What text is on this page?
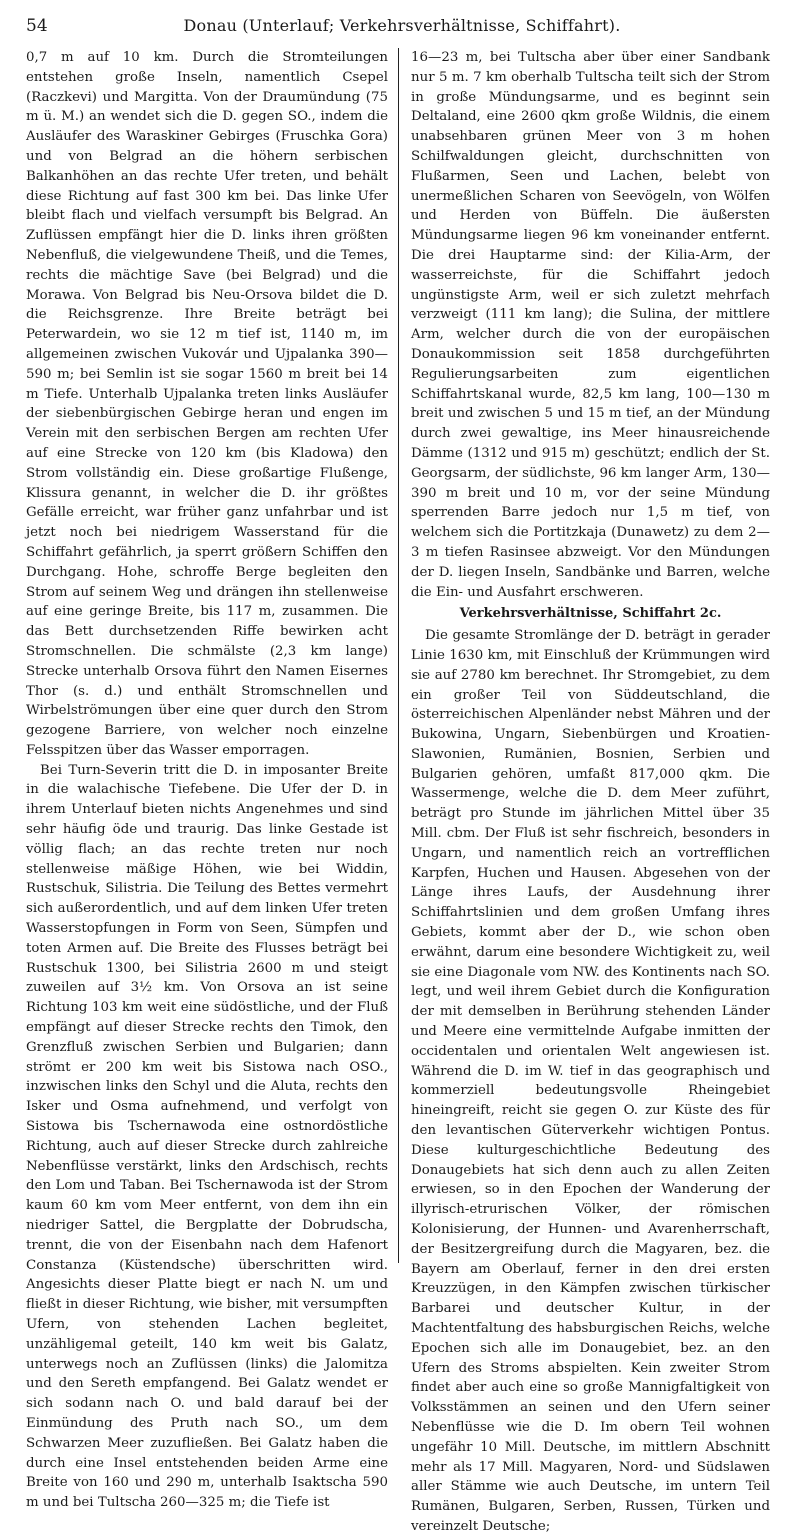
54	Donau (Unterlauf; Verkehrsverhältnisse, Schiffahrt).

0,7 m auf 10 km. Durch die Stromteilungen entstehen große Inseln, namentlich Csepel (Raczkevi) und Margitta. Von der Draumündung (75 m ü. M.) an wendet sich die D. gegen SO., indem die Ausläufer des Waraskiner Gebirges (Fruschka Gora) und von Belgrad an die höhern serbischen Balkanhöhen an das rechte Ufer treten, und behält diese Richtung auf fast 300 km bei. Das linke Ufer bleibt flach und vielfach versumpft bis Belgrad. An Zuflüssen empfängt hier die D. links ihren größten Nebenfluß, die vielgewundene Theiß, und die Temes, rechts die mächtige Save (bei Belgrad) und die Morawa. Von Belgrad bis Neu-Orsova bildet die D. die Reichsgrenze. Ihre Breite beträgt bei Peterwardein, wo sie 12 m tief ist, 1140 m, im allgemeinen zwischen Vukovár und Ujpalanka 390—590 m; bei Semlin ist sie sogar 1560 m breit bei 14 m Tiefe. Unterhalb Ujpalanka treten links Ausläufer der siebenbürgischen Gebirge heran und engen im Verein mit den serbischen Bergen am rechten Ufer auf eine Strecke von 120 km (bis Kladowa) den Strom vollständig ein. Diese großartige Flußenge, Klissura genannt, in welcher die D. ihr größtes Gefälle erreicht, war früher ganz unfahrbar und ist jetzt noch bei niedrigem Wasserstand für die Schiffahrt gefährlich, ja sperrt größern Schiffen den Durchgang. Hohe, schroffe Berge begleiten den Strom auf seinem Weg und drängen ihn stellenweise auf eine geringe Breite, bis 117 m, zusammen. Die das Bett durchsetzenden Riffe bewirken acht Stromschnellen. Die schmälste (2,3 km lange) Strecke unterhalb Orsova führt den Namen Eisernes Thor (s. d.) und enthält Stromschnellen und Wirbelströmungen über eine quer durch den Strom gezogene Barriere, von welcher noch einzelne Felsspitzen über das Wasser emporragen.

Bei Turn-Severin tritt die D. in imposanter Breite in die walachische Tiefebene. Die Ufer der D. in ihrem Unterlauf bieten nichts Angenehmes und sind sehr häufig öde und traurig. Das linke Gestade ist völlig flach; an das rechte treten nur noch stellenweise mäßige Höhen, wie bei Widdin, Rustschuk, Silistria. Die Teilung des Bettes vermehrt sich außerordentlich, und auf dem linken Ufer treten Wasserstopfungen in Form von Seen, Sümpfen und toten Armen auf. Die Breite des Flusses beträgt bei Rustschuk 1300, bei Silistria 2600 m und steigt zuweilen auf 3½ km. Von Orsova an ist seine Richtung 103 km weit eine südöstliche, und der Fluß empfängt auf dieser Strecke rechts den Timok, den Grenzfluß zwischen Serbien und Bulgarien; dann strömt er 200 km weit bis Sistowa nach OSO., inzwischen links den Schyl und die Aluta, rechts den Isker und Osma aufnehmend, und verfolgt von Sistowa bis Tschernawoda eine ostnordöstliche Richtung, auch auf dieser Strecke durch zahlreiche Nebenflüsse verstärkt, links den Ardschisch, rechts den Lom und Taban. Bei Tschernawoda ist der Strom kaum 60 km vom Meer entfernt, von dem ihn ein niedriger Sattel, die Bergplatte der Dobrudscha, trennt, die von der Eisenbahn nach dem Hafenort Constanza (Küstendsche) überschritten wird. Angesichts dieser Platte biegt er nach N. um und fließt in dieser Richtung, wie bisher, mit versumpften Ufern, von stehenden Lachen begleitet, unzähligemal geteilt, 140 km weit bis Galatz, unterwegs noch an Zuflüssen (links) die Jalomitza und den Sereth empfangend. Bei Galatz wendet er sich sodann nach O. und bald darauf bei der Einmündung des Pruth nach SO., um dem Schwarzen Meer zuzufließen. Bei Galatz haben die durch eine Insel entstehenden beiden Arme eine Breite von 160 und 290 m, unterhalb Isaktscha 590 m und bei Tultscha 260—325 m; die Tiefe ist

16—23 m, bei Tultscha aber über einer Sandbank nur 5 m. 7 km oberhalb Tultscha teilt sich der Strom in große Mündungsarme, und es beginnt sein Deltaland, eine 2600 qkm große Wildnis, die einem unabsehbaren grünen Meer von 3 m hohen Schilfwaldungen gleicht, durchschnitten von Flußarmen, Seen und Lachen, belebt von unermeßlichen Scharen von Seevögeln, von Wölfen und Herden von Büffeln. Die äußersten Mündungsarme liegen 96 km voneinander entfernt. Die drei Hauptarme sind: der Kilia-Arm, der wasserreichste, für die Schiffahrt jedoch ungünstigste Arm, weil er sich zuletzt mehrfach verzweigt (111 km lang); die Sulina, der mittlere Arm, welcher durch die von der europäischen Donaukommission seit 1858 durchgeführten Regulierungsarbeiten zum eigentlichen Schiffahrtskanal wurde, 82,5 km lang, 100—130 m breit und zwischen 5 und 15 m tief, an der Mündung durch zwei gewaltige, ins Meer hinausreichende Dämme (1312 und 915 m) geschützt; endlich der St. Georgsarm, der südlichste, 96 km langer Arm, 130—390 m breit und 10 m, vor der seine Mündung sperrenden Barre jedoch nur 1,5 m tief, von welchem sich die Portitzkaja (Dunawetz) zu dem 2—3 m tiefen Rasinsee abzweigt. Vor den Mündungen der D. liegen Inseln, Sandbänke und Barren, welche die Ein- und Ausfahrt erschweren.

Verkehrsverhältnisse, Schiffahrt 2c.

Die gesamte Stromlänge der D. beträgt in gerader Linie 1630 km, mit Einschluß der Krümmungen wird sie auf 2780 km berechnet. Ihr Stromgebiet, zu dem ein großer Teil von Süddeutschland, die österreichischen Alpenländer nebst Mähren und der Bukowina, Ungarn, Siebenbürgen und Kroatien-Slawonien, Rumänien, Bosnien, Serbien und Bulgarien gehören, umfaßt 817,000 qkm. Die Wassermenge, welche die D. dem Meer zuführt, beträgt pro Stunde im jährlichen Mittel über 35 Mill. cbm. Der Fluß ist sehr fischreich, besonders in Ungarn, und namentlich reich an vortrefflichen Karpfen, Huchen und Hausen. Abgesehen von der Länge ihres Laufs, der Ausdehnung ihrer Schiffahrtslinien und dem großen Umfang ihres Gebiets, kommt aber der D., wie schon oben erwähnt, darum eine besondere Wichtigkeit zu, weil sie eine Diagonale vom NW. des Kontinents nach SO. legt, und weil ihrem Gebiet durch die Konfiguration der mit demselben in Berührung stehenden Länder und Meere eine vermittelnde Aufgabe inmitten der occidentalen und orientalen Welt angewiesen ist. Während die D. im W. tief in das geographisch und kommerziell bedeutungsvolle Rheingebiet hineingreift, reicht sie gegen O. zur Küste des für den levantischen Güterverkehr wichtigen Pontus. Diese kulturgeschichtliche Bedeutung des Donaugebiets hat sich denn auch zu allen Zeiten erwiesen, so in den Epochen der Wanderung der illyrisch-etrurischen Völker, der römischen Kolonisierung, der Hunnen- und Avarenherrschaft, der Besitzergreifung durch die Magyaren, bez. die Bayern am Oberlauf, ferner in den drei ersten Kreuzzügen, in den Kämpfen zwischen türkischer Barbarei und deutscher Kultur, in der Machtentfaltung des habsburgischen Reichs, welche Epochen sich alle im Donaugebiet, bez. an den Ufern des Stroms abspielten. Kein zweiter Strom findet aber auch eine so große Mannigfaltigkeit von Volksstämmen an seinen und den Ufern seiner Nebenflüsse wie die D. Im obern Teil wohnen ungefähr 10 Mill. Deutsche, im mittlern Abschnitt mehr als 17 Mill. Magyaren, Nord- und Südslawen aller Stämme wie auch Deutsche, im untern Teil Rumänen, Bulgaren, Serben, Russen, Türken und vereinzelt Deutsche;
